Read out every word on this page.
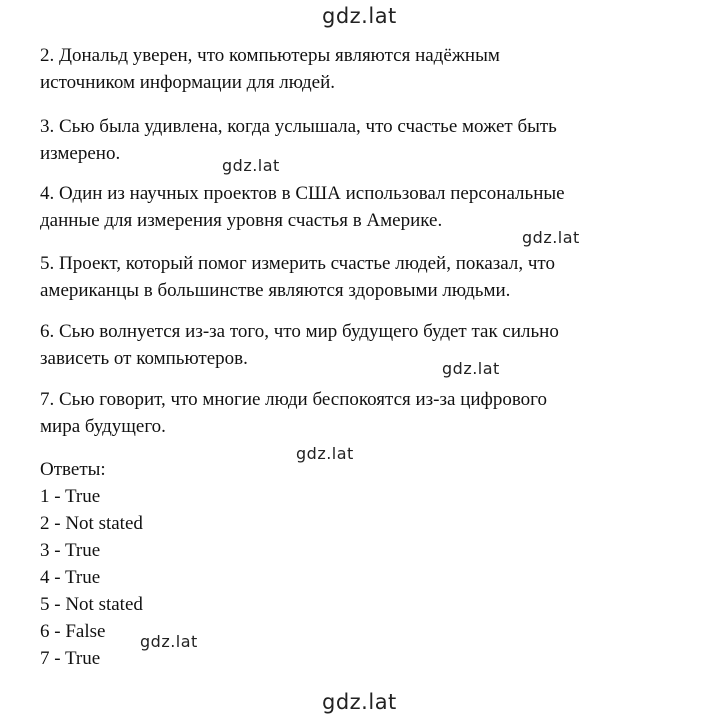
gdz.lat

2. Дональд уверен, что компьютеры являются надёжным
источником информации для людей.

3. Сью была удивлена, когда услышала, что счастье может быть
измерено.

gdz.lat

4. Один из научных проектов в США использовал персональные
данные для измерения уровня счастья в Америке.

gdz.lat

5. Проект, который помог измерить счастье людей, показал, что
американцы в большинстве являются здоровыми людьми.

6. Сью волнуется из-за того, что мир будущего будет так сильно
зависеть от компьютеров.	gdz.lat

7. Сью говорит, что многие люди беспокоятся из-за цифрового
мира будущего.

gdz.lat
Ответы:
1 - True
2 - Not stated
3 - True
4 - True
5 - Not stated
6 - False
7 - True
gdz.lat
gdz.lat
